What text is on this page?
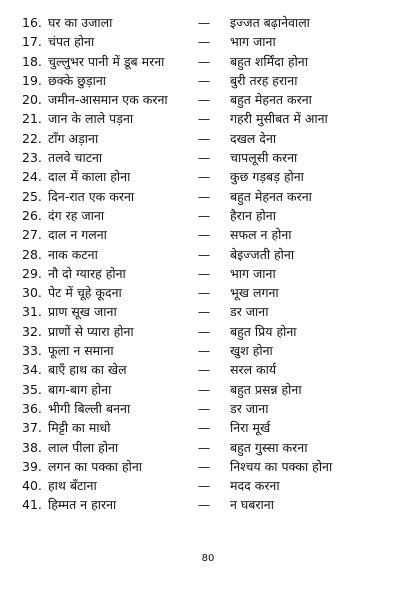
16. घर का उजाला	—	इज्जत बढ़ानेवाला
17. चंपत होना	—	भाग जाना
18. चुल्लुभर पानी में डूब मरना	—	बहुत शर्मिंदा होना
19. छक्के छुड़ाना	—	बुरी तरह हराना
20. जमीन-आसमान एक करना	—	बहुत मेहनत करना
21. जान के लाले पड़ना	—	गहरी मुसीबत में आना
22. टाँग अड़ाना	—	दखल देना
23. तलवे चाटना	—	चापलूसी करना
24. दाल में काला होना	—	कुछ गड़बड़ होना
25. दिन-रात एक करना	—	बहुत मेहनत करना
26. दंग रह जाना	—	हैरान होना
27. दाल न गलना	—	सफल न होना
28. नाक कटना	—	बेइज्जती होना
29. नौ दो ग्यारह होना	—	भाग जाना
30. पेट में चूहे कूदना	—	भूख लगना
31. प्राण सूख जाना	—	डर जाना
32. प्राणों से प्यारा होना	—	बहुत प्रिय होना
33. फूला न समाना	—	खुश होना
34. बाएँ हाथ का खेल	—	सरल कार्य
35. बाग-बाग होना	—	बहुत प्रसन्न होना
36. भीगी बिल्ली बनना	—	डर जाना
37. मिट्टी का माधो	—	निरा मूर्ख
38. लाल पीला होना	—	बहुत गुस्सा करना
39. लगन का पक्का होना	—	निश्चय का पक्का होना
40. हाथ बँटाना	—	मदद करना
41. हिम्मत न हारना	—	न घबराना
80
